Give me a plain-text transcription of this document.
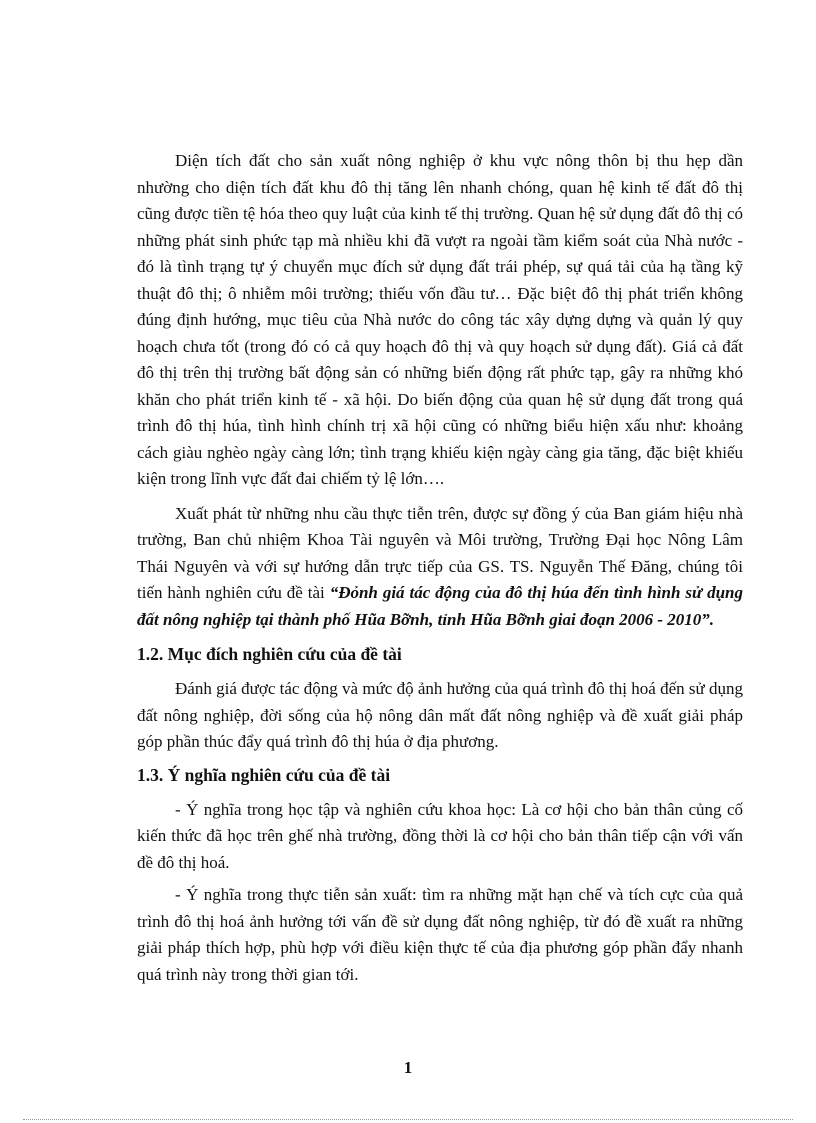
Diện tích đất cho sản xuất nông nghiệp ở khu vực nông thôn bị thu hẹp dần nhường cho diện tích đất khu đô thị tăng lên nhanh chóng, quan hệ kinh tế đất đô thị cũng được tiền tệ hóa theo quy luật của kinh tế thị trường. Quan hệ sử dụng đất đô thị có những phát sinh phức tạp mà nhiều khi đã vượt ra ngoài tầm kiểm soát của Nhà nước - đó là tình trạng tự ý chuyển mục đích sử dụng đất trái phép, sự quá tải của hạ tầng kỹ thuật đô thị; ô nhiễm môi trường; thiếu vốn đầu tư… Đặc biệt đô thị phát triển không đúng định hướng, mục tiêu của Nhà nước do công tác xây dựng dựng và quản lý quy hoạch chưa tốt (trong đó có cả quy hoạch đô thị và quy hoạch sử dụng đất). Giá cả đất đô thị trên thị trường bất động sản có những biến động rất phức tạp, gây ra những khó khăn cho phát triển kinh tế - xã hội. Do biến động của quan hệ sử dụng đất trong quá trình đô thị húa, tình hình chính trị xã hội cũng có những biểu hiện xấu như: khoảng cách giàu nghèo ngày càng lớn; tình trạng khiếu kiện ngày càng gia tăng, đặc biệt khiếu kiện trong lĩnh vực đất đai chiếm tỷ lệ lớn….

Xuất phát từ những nhu cầu thực tiễn trên, được sự đồng ý của Ban giám hiệu nhà trường, Ban chủ nhiệm Khoa Tài nguyên và Môi trường, Trường Đại học Nông Lâm Thái Nguyên và với sự hướng dẫn trực tiếp của GS. TS. Nguyễn Thế Đăng, chúng tôi tiến hành nghiên cứu đề tài “Đỏnh giá tác động của đô thị húa đến tình hình sử dụng đất nông nghiệp tại thành phố Hũa Bỡnh, tỉnh Hũa Bỡnh giai đoạn 2006 - 2010”.

1.2. Mục đích nghiên cứu của đề tài

Đánh giá được tác động và mức độ ảnh hưởng của quá trình đô thị hoá đến sử dụng đất nông nghiệp, đời sống của hộ nông dân mất đất nông nghiệp và đề xuất giải pháp góp phần thúc đẩy quá trình đô thị húa ở địa phương.

1.3. Ý nghĩa nghiên cứu của đề tài

- Ý nghĩa trong học tập và nghiên cứu khoa học: Là cơ hội cho bản thân củng cố kiến thức đã học trên ghế nhà trường, đồng thời là cơ hội cho bản thân tiếp cận với vấn đề đô thị hoá.

- Ý nghĩa trong thực tiễn sản xuất: tìm ra những mặt hạn chế và tích cực của quả trình đô thị hoá ảnh hưởng tới vấn đề sử dụng đất nông nghiệp, từ đó đề xuất ra những giải pháp thích hợp, phù hợp với điều kiện thực tế của địa phương góp phần đẩy nhanh quá trình này trong thời gian tới.

1
